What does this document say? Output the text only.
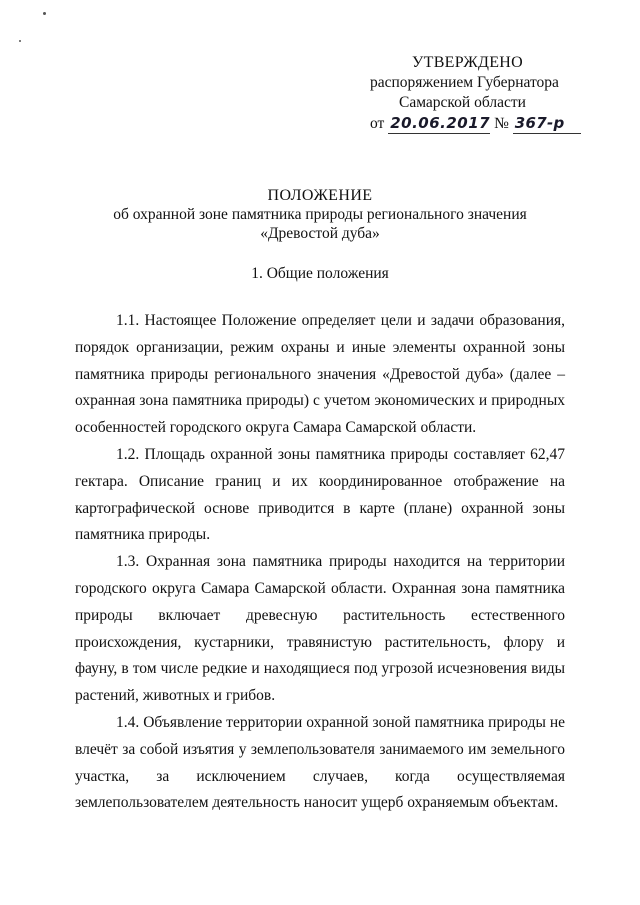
УТВЕРЖДЕНО
распоряжением Губернатора
Самарской области
от 20.06.2017 № 367-р
ПОЛОЖЕНИЕ
об охранной зоне памятника природы регионального значения
«Древостой дуба»
1. Общие положения

1.1. Настоящее Положение определяет цели и задачи образования, порядок организации, режим охраны и иные элементы охранной зоны памятника природы регионального значения «Древостой дуба» (далее – охранная зона памятника природы) с учетом экономических и природных особенностей городского округа Самара Самарской области.

1.2. Площадь охранной зоны памятника природы составляет 62,47 гектара. Описание границ и их координированное отображение на картографической основе приводится в карте (плане) охранной зоны памятника природы.

1.3. Охранная зона памятника природы находится на территории городского округа Самара Самарской области. Охранная зона памятника природы включает древесную растительность естественного происхождения, кустарники, травянистую растительность, флору и фауну, в том числе редкие и находящиеся под угрозой исчезновения виды растений, животных и грибов.

1.4. Объявление территории охранной зоной памятника природы не влечёт за собой изъятия у землепользователя занимаемого им земельного участка, за исключением случаев, когда осуществляемая землепользователем деятельность наносит ущерб охраняемым объектам.
